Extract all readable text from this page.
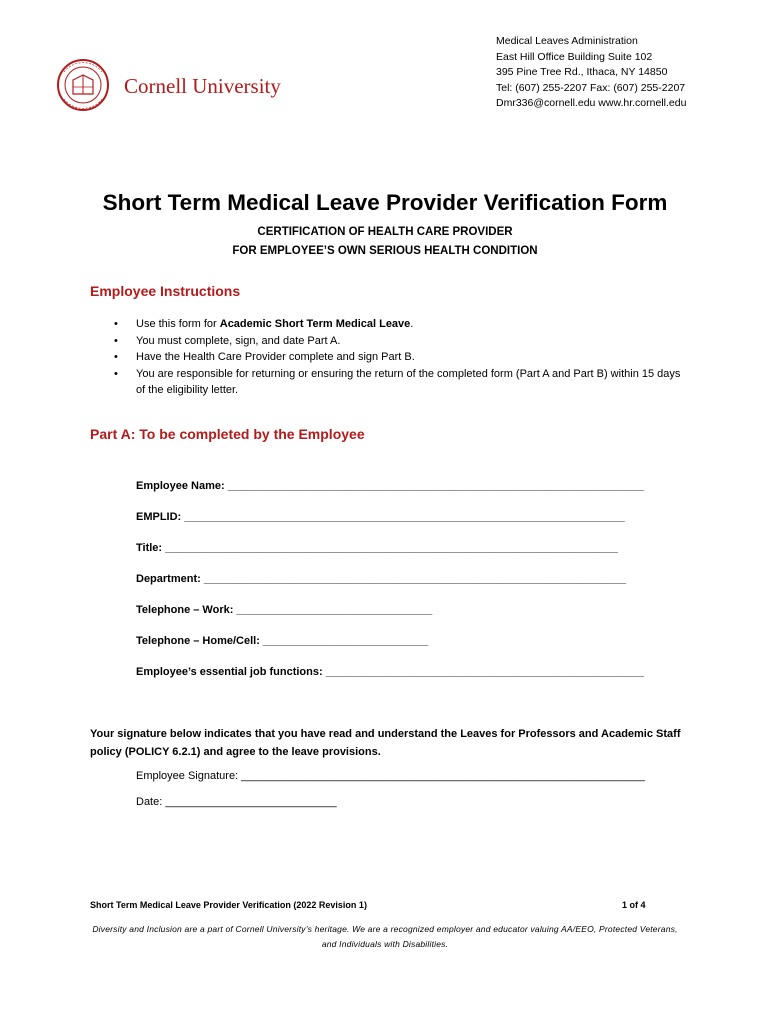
Cornell University
Medical Leaves Administration
East Hill Office Building Suite 102
395 Pine Tree Rd., Ithaca, NY 14850
Tel: (607) 255-2207 Fax: (607) 255-2207
Dmr336@cornell.edu www.hr.cornell.edu
Short Term Medical Leave Provider Verification Form
CERTIFICATION OF HEALTH CARE PROVIDER
FOR EMPLOYEE’S OWN SERIOUS HEALTH CONDITION
Employee Instructions
• Use this form for Academic Short Term Medical Leave.
• You must complete, sign, and date Part A.
• Have the Health Care Provider complete and sign Part B.
• You are responsible for returning or ensuring the return of the completed form (Part A and Part B) within 15 days of the eligibility letter.
Part A: To be completed by the Employee
Employee Name: ____________________________________________________________________
EMPLID: ________________________________________________________________________
Title: __________________________________________________________________________
Department: _____________________________________________________________________
Telephone – Work: ________________________________
Telephone – Home/Cell: ___________________________
Employee’s essential job functions: ____________________________________________________
Your signature below indicates that you have read and understand the Leaves for Professors and Academic Staff policy (POLICY 6.2.1) and agree to the leave provisions.
Employee Signature: __________________________________________________________________
Date: ____________________________
Short Term Medical Leave Provider Verification (2022 Revision 1)	1 of 4
Diversity and Inclusion are a part of Cornell University’s heritage. We are a recognized employer and educator valuing AA/EEO, Protected Veterans, and Individuals with Disabilities.
